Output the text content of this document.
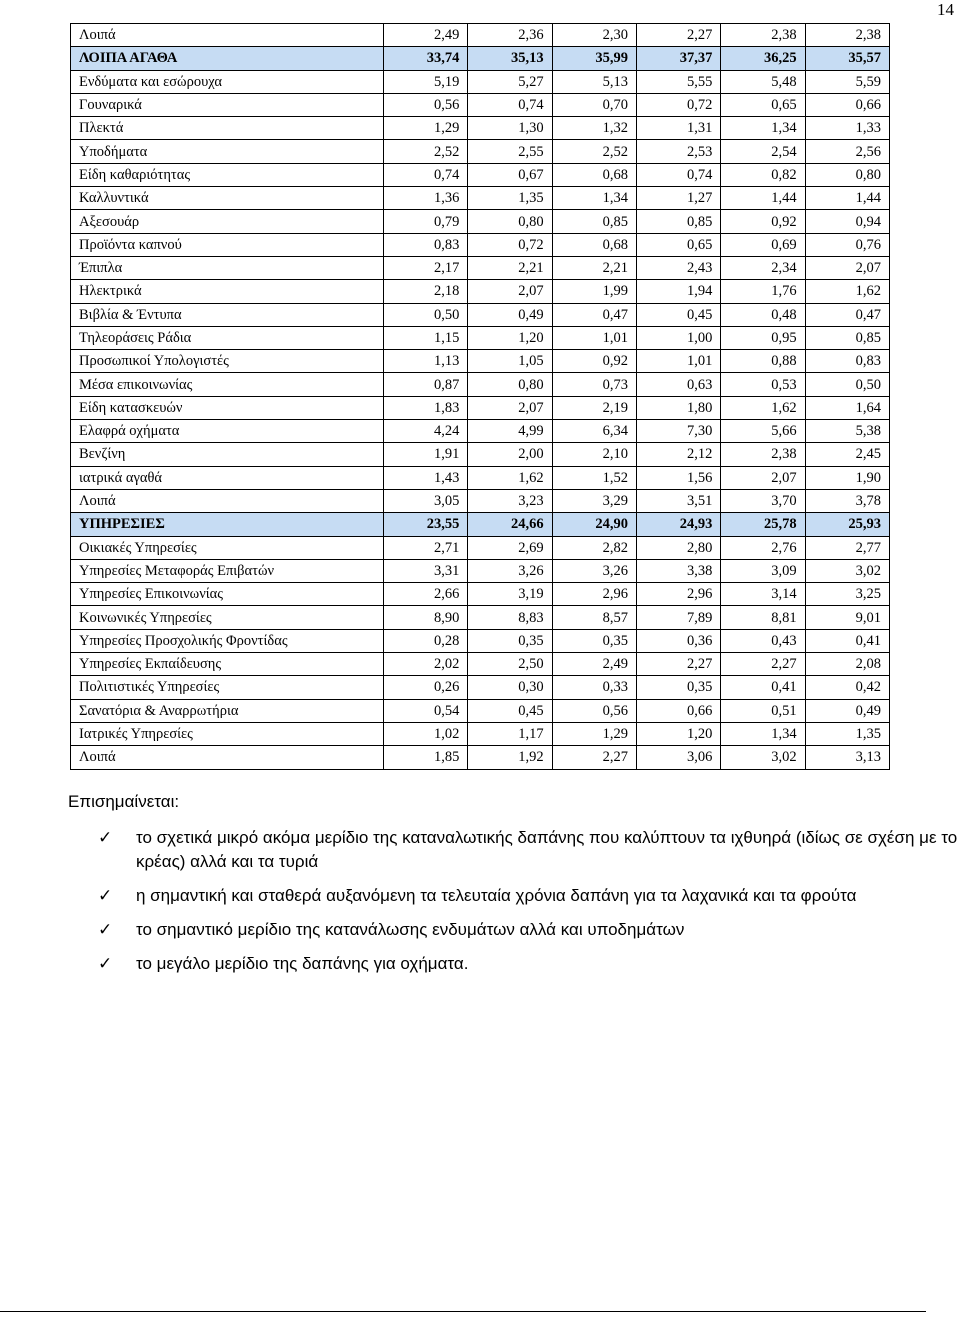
14
Λοιπά	2,49	2,36	2,30	2,27	2,38	2,38
ΛΟΙΠΑ ΑΓΑΘΑ	33,74	35,13	35,99	37,37	36,25	35,57
Ενδύματα και εσώρουχα	5,19	5,27	5,13	5,55	5,48	5,59
Γουναρικά	0,56	0,74	0,70	0,72	0,65	0,66
Πλεκτά	1,29	1,30	1,32	1,31	1,34	1,33
Υποδήματα	2,52	2,55	2,52	2,53	2,54	2,56
Είδη καθαριότητας	0,74	0,67	0,68	0,74	0,82	0,80
Καλλυντικά	1,36	1,35	1,34	1,27	1,44	1,44
Αξεσουάρ	0,79	0,80	0,85	0,85	0,92	0,94
Προϊόντα καπνού	0,83	0,72	0,68	0,65	0,69	0,76
Έπιπλα	2,17	2,21	2,21	2,43	2,34	2,07
Ηλεκτρικά	2,18	2,07	1,99	1,94	1,76	1,62
Βιβλία & Έντυπα	0,50	0,49	0,47	0,45	0,48	0,47
Τηλεοράσεις Ράδια	1,15	1,20	1,01	1,00	0,95	0,85
Προσωπικοί Υπολογιστές	1,13	1,05	0,92	1,01	0,88	0,83
Μέσα επικοινωνίας	0,87	0,80	0,73	0,63	0,53	0,50
Είδη κατασκευών	1,83	2,07	2,19	1,80	1,62	1,64
Ελαφρά οχήματα	4,24	4,99	6,34	7,30	5,66	5,38
Βενζίνη	1,91	2,00	2,10	2,12	2,38	2,45
ιατρικά αγαθά	1,43	1,62	1,52	1,56	2,07	1,90
Λοιπά	3,05	3,23	3,29	3,51	3,70	3,78
ΥΠΗΡΕΣΙΕΣ	23,55	24,66	24,90	24,93	25,78	25,93
Οικιακές Υπηρεσίες	2,71	2,69	2,82	2,80	2,76	2,77
Υπηρεσίες Μεταφοράς Επιβατών	3,31	3,26	3,26	3,38	3,09	3,02
Υπηρεσίες Επικοινωνίας	2,66	3,19	2,96	2,96	3,14	3,25
Κοινωνικές Υπηρεσίες	8,90	8,83	8,57	7,89	8,81	9,01
Υπηρεσίες Προσχολικής Φροντίδας	0,28	0,35	0,35	0,36	0,43	0,41
Υπηρεσίες Εκπαίδευσης	2,02	2,50	2,49	2,27	2,27	2,08
Πολιτιστικές Υπηρεσίες	0,26	0,30	0,33	0,35	0,41	0,42
Σανατόρια & Αναρρωτήρια	0,54	0,45	0,56	0,66	0,51	0,49
Ιατρικές Υπηρεσίες	1,02	1,17	1,29	1,20	1,34	1,35
Λοιπά	1,85	1,92	2,27	3,06	3,02	3,13
Επισημαίνεται:
✓ το σχετικά μικρό ακόμα μερίδιο της καταναλωτικής δαπάνης που καλύπτουν τα ιχθυηρά (ιδίως σε σχέση με το κρέας) αλλά και τα τυριά
✓ η σημαντική και σταθερά αυξανόμενη τα τελευταία χρόνια δαπάνη για τα λαχανικά και τα φρούτα
✓ το σημαντικό μερίδιο της κατανάλωσης ενδυμάτων αλλά και υποδημάτων
✓ το μεγάλο μερίδιο της δαπάνης για οχήματα.
